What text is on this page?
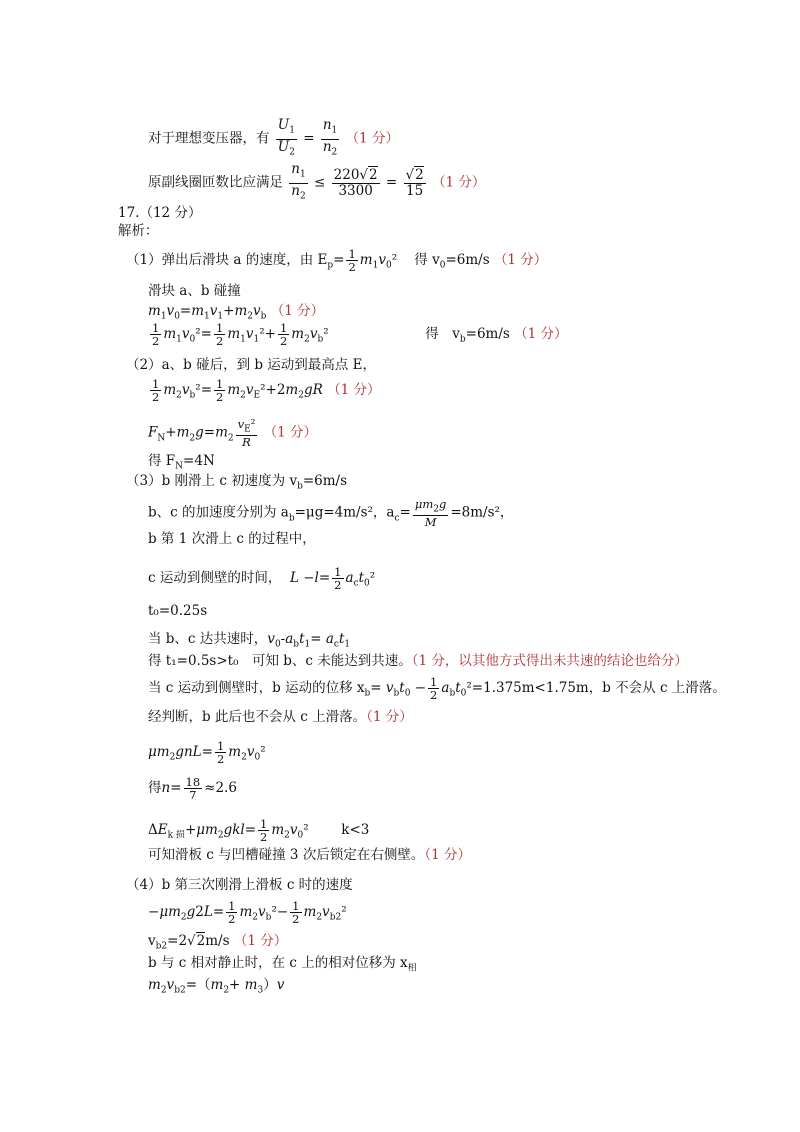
对于理想变压器，有 $\frac{U_1}{U_2} = \frac{n_1}{n_2} (1$ 分）
原副线圈匝数比应满足 $\frac{n_1}{n_2} \le \frac{220√2}{3300} = \frac{√2}{15} (1$ 分）
17.（12 分）
解析：
（1）弹出后滑块 a 的速度，由 $E_p= \frac{1}{2} m_1v_0^2$    得 $v_0=6m/s$ （1 分）
滑块 a、b 碰撞
$m_1v_0=m_1v_1+m_2v_b$ （1 分）
$\frac{1}{2} m_1v_0^2= \frac{1}{2} m_1v_1^2+ \frac{1}{2} m_2v_b^2$	得　$v_b=6m/s$ （1 分）
（2）a、b 碰后，到 b 运动到最高点 E，
$\frac{1}{2} m_2v_b^2= \frac{1}{2} m_2v_E^2+2m_2gR$ （1 分）
$F_N+m_2g=m_2 \frac{v_E^2}{R} (1$ 分）
得 $F_N=4N$
（3）b 刚滑上 c 初速度为 $v_b=6m/s$
b、c 的加速度分别为 $a_b=\mu g=4m/s^2$，$a_c= \frac{\mu m_2g}{M} =8m/s^2$，
b 第 1 次滑上 c 的过程中，
c 运动到侧壁的时间， $L -l= \frac{1}{2} a_ct_0^2$
t₀=0.25s
当 b、c 达共速时，$v_0-a_bt_1= a_ct_1$
得 t₁=0.5s>t₀　可知 b、c 未能达到共速。（1 分，以其他方式得出未共速的结论也给分）
当 c 运动到侧壁时，b 运动的位移 $x_b= v_bt_0 - \frac{1}{2} a_bt_0^2=1.375m<1.75m$，b 不会从 c 上滑落。
经判断，b 此后也不会从 c 上滑落。（1 分）
$\mu m_2gnL= \frac{1}{2} m_2v_0^2$
得$n= \frac{18}{7} \approx 2.6$
$\Delta E_{k 损}+\mu m_2gkl= \frac{1}{2} m_2v_0^2$  k<3
可知滑板 c 与凹槽碰撞 3 次后锁定在右侧壁。（1 分）
（4）b 第三次刚滑上滑板 c 时的速度
$-\mu m_2g2L= \frac{1}{2} m_2v_b^2- \frac{1}{2} m_2v_{b2}^2$
$v_{b2}=2√2m/s$ （1 分）
b 与 c 相对静止时，在 c 上的相对位移为 $x_相$
$m_2v_{b2}=(m_2+ m_3)v$
